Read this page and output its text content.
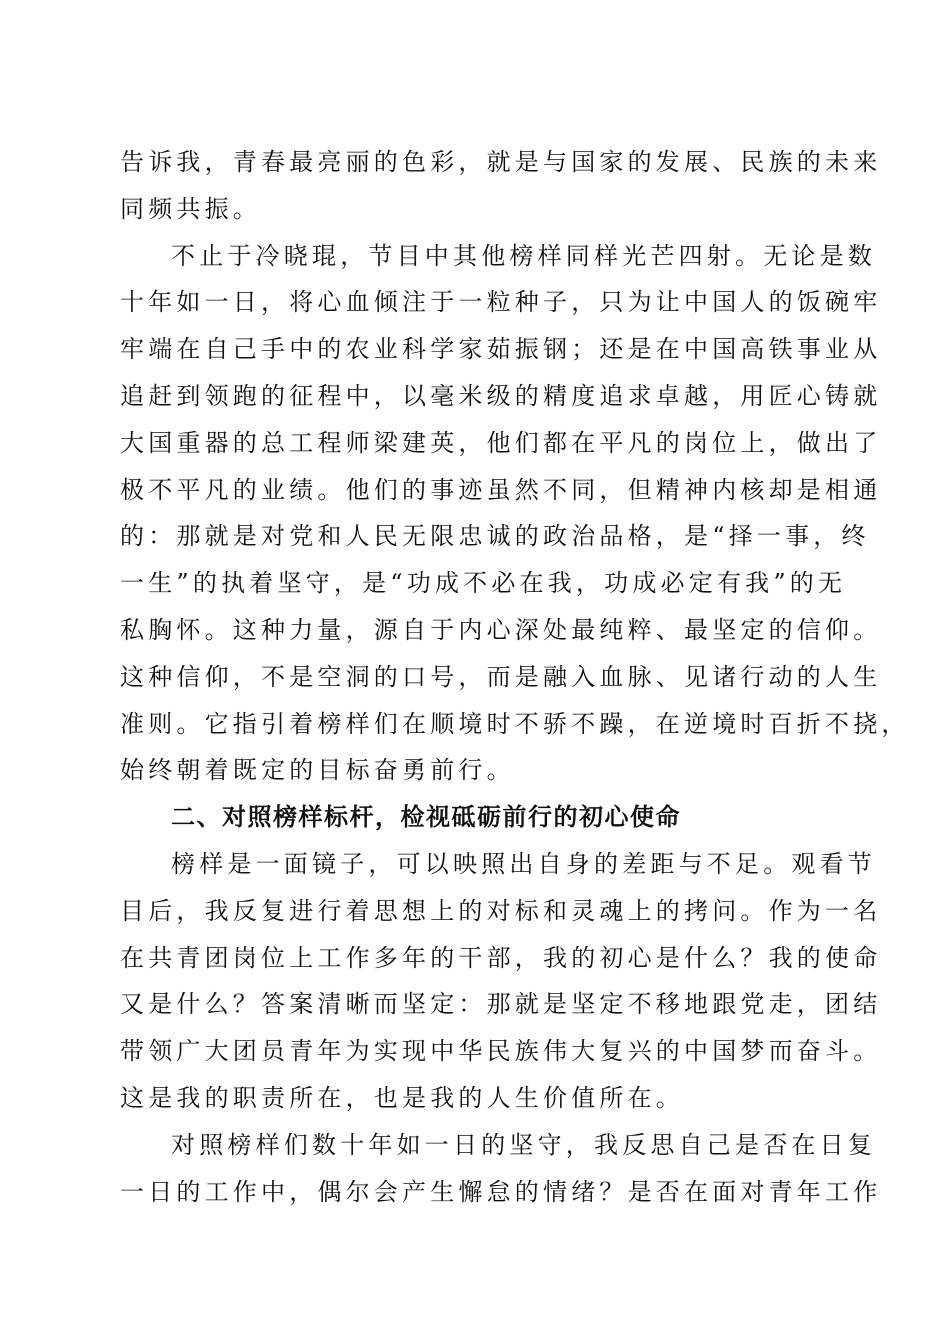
告诉我，青春最亮丽的色彩，就是与国家的发展、民族的未来
同频共振。
不止于冷晓琨，节目中其他榜样同样光芒四射。无论是数
十年如一日，将心血倾注于一粒种子，只为让中国人的饭碗牢
牢端在自己手中的农业科学家茹振钢；还是在中国高铁事业从
追赶到领跑的征程中，以毫米级的精度追求卓越，用匠心铸就
大国重器的总工程师梁建英，他们都在平凡的岗位上，做出了
极不平凡的业绩。他们的事迹虽然不同，但精神内核却是相通
的：那就是对党和人民无限忠诚的政治品格，是“择一事，终
一生”的执着坚守，是“功成不必在我，功成必定有我”的无
私胸怀。这种力量，源自于内心深处最纯粹、最坚定的信仰。
这种信仰，不是空洞的口号，而是融入血脉、见诸行动的人生
准则。它指引着榜样们在顺境时不骄不躁，在逆境时百折不挠，
始终朝着既定的目标奋勇前行。
二、对照榜样标杆，检视砥砺前行的初心使命
榜样是一面镜子，可以映照出自身的差距与不足。观看节
目后，我反复进行着思想上的对标和灵魂上的拷问。作为一名
在共青团岗位上工作多年的干部，我的初心是什么？我的使命
又是什么？答案清晰而坚定：那就是坚定不移地跟党走，团结
带领广大团员青年为实现中华民族伟大复兴的中国梦而奋斗。
这是我的职责所在，也是我的人生价值所在。
对照榜样们数十年如一日的坚守，我反思自己是否在日复
一日的工作中，偶尔会产生懈怠的情绪？是否在面对青年工作
